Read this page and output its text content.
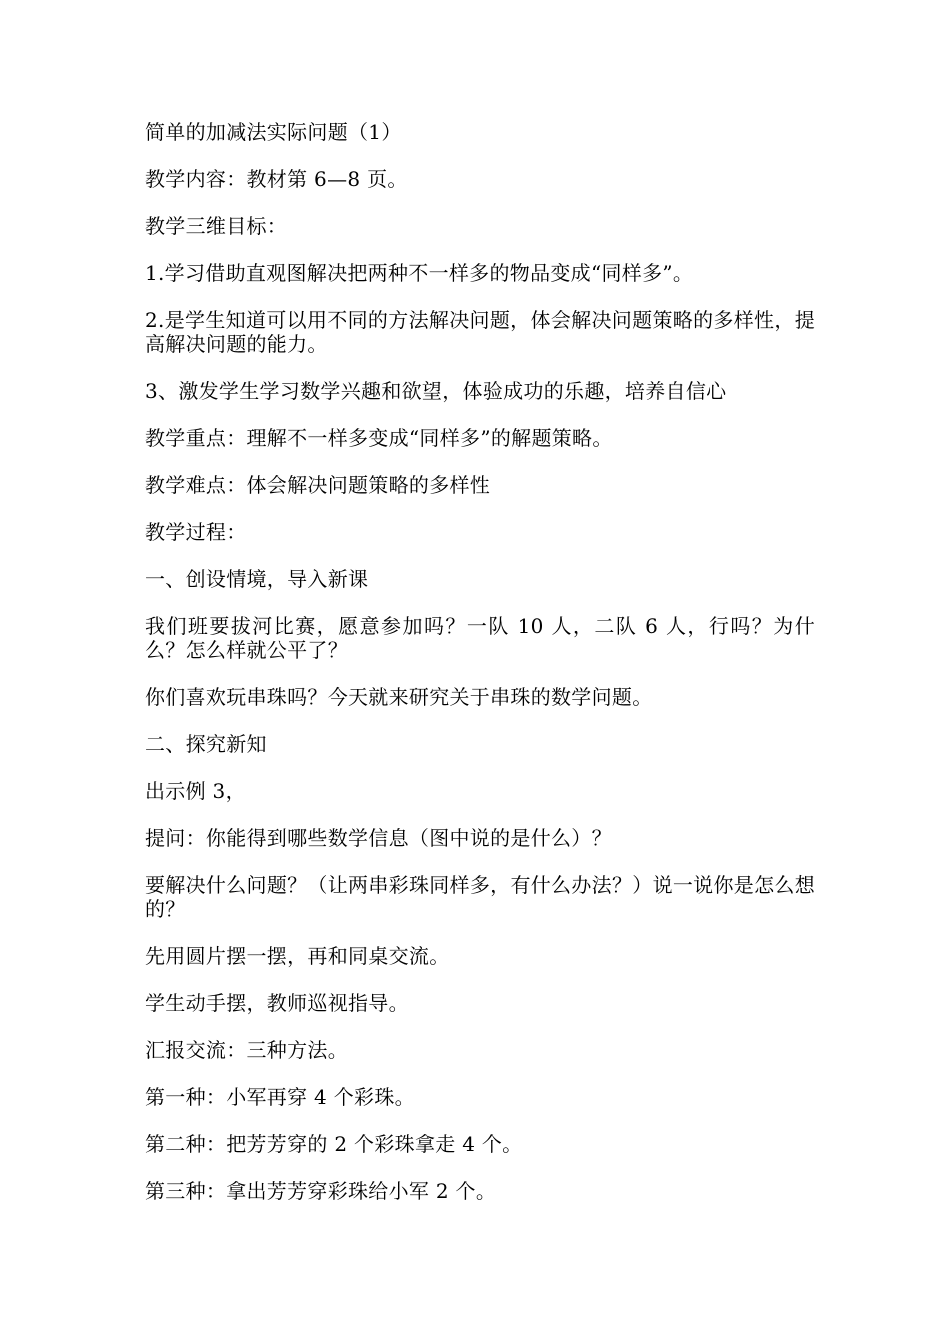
简单的加减法实际问题（1）

教学内容：教材第 6—8 页。

教学三维目标：

1.学习借助直观图解决把两种不一样多的物品变成“同样多”。

2.是学生知道可以用不同的方法解决问题，体会解决问题策略的多样性，提高解决问题的能力。

3、激发学生学习数学兴趣和欲望，体验成功的乐趣，培养自信心

教学重点：理解不一样多变成“同样多”的解题策略。

教学难点：体会解决问题策略的多样性

教学过程：

一、创设情境，导入新课

我们班要拔河比赛，愿意参加吗？一队 10 人，二队 6 人，行吗？为什么？怎么样就公平了？

你们喜欢玩串珠吗？今天就来研究关于串珠的数学问题。

二、探究新知

出示例 3，

提问：你能得到哪些数学信息（图中说的是什么）？

要解决什么问题？（让两串彩珠同样多，有什么办法？）说一说你是怎么想的？

先用圆片摆一摆，再和同桌交流。

学生动手摆，教师巡视指导。

汇报交流：三种方法。

第一种：小军再穿 4 个彩珠。

第二种：把芳芳穿的 2 个彩珠拿走 4 个。

第三种：拿出芳芳穿彩珠给小军 2 个。
